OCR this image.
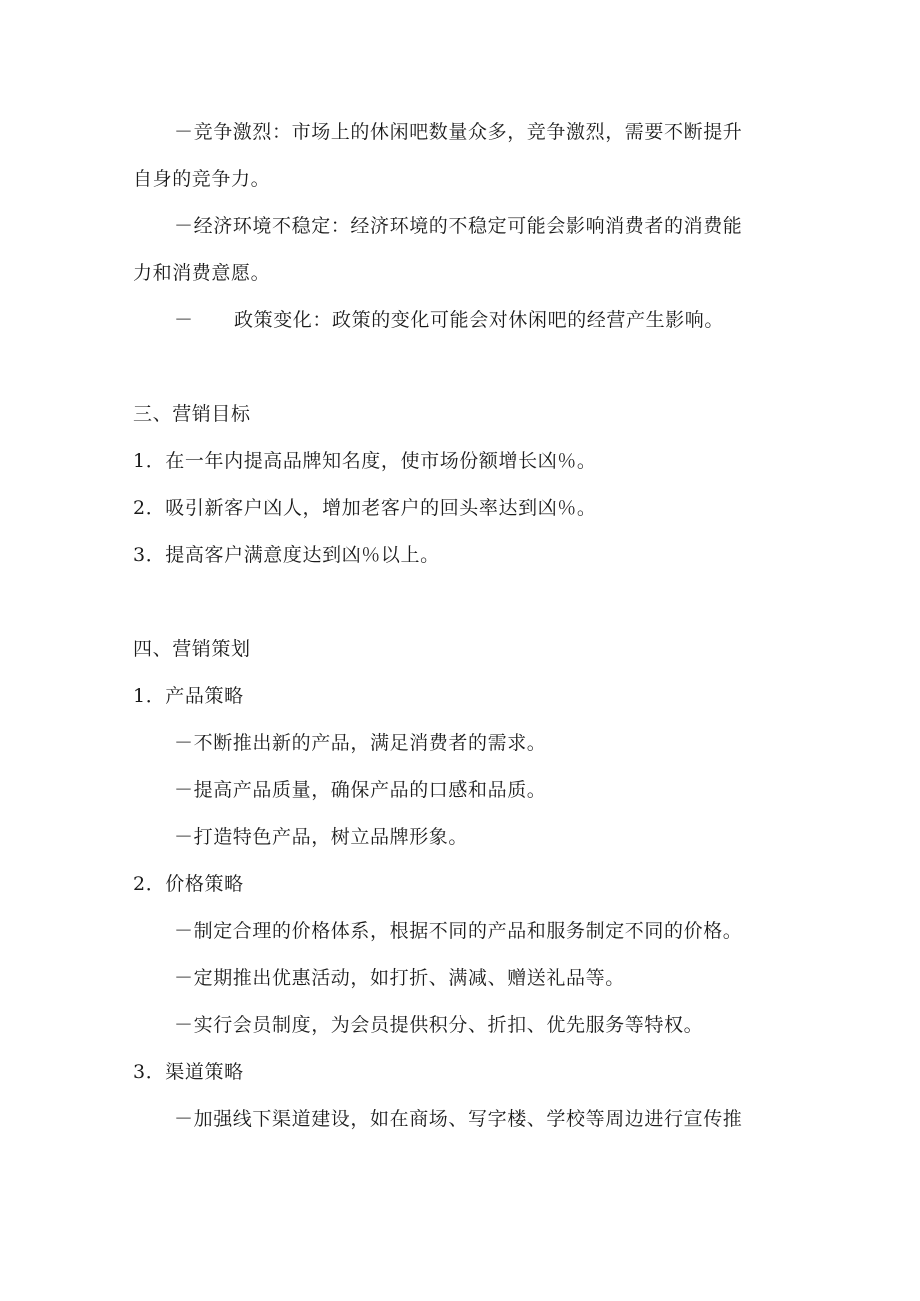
－竞争激烈：市场上的休闲吧数量众多，竞争激烈，需要不断提升
自身的竞争力。
－经济环境不稳定：经济环境的不稳定可能会影响消费者的消费能
力和消费意愿。
－ 政策变化：政策的变化可能会对休闲吧的经营产生影响。
三、营销目标
1．在一年内提高品牌知名度，使市场份额增长凶％。
2．吸引新客户凶人，增加老客户的回头率达到凶％。
3．提高客户满意度达到凶％以上。
四、营销策划
1．产品策略
－不断推出新的产品，满足消费者的需求。
－提高产品质量，确保产品的口感和品质。
－打造特色产品，树立品牌形象。
2．价格策略
－制定合理的价格体系，根据不同的产品和服务制定不同的价格。
－定期推出优惠活动，如打折、满减、赠送礼品等。
－实行会员制度，为会员提供积分、折扣、优先服务等特权。
3．渠道策略
－加强线下渠道建设，如在商场、写字楼、学校等周边进行宣传推
